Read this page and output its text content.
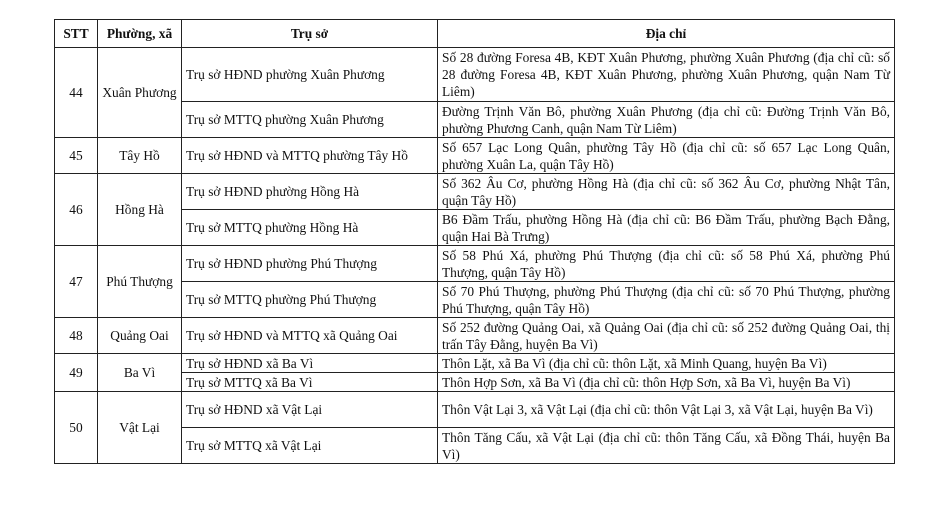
STT	Phường, xã	Trụ sở	Địa chỉ
44	Xuân Phương	Trụ sở HĐND phường Xuân Phương	Số 28 đường Foresa 4B, KĐT Xuân Phương, phường Xuân Phương (địa chỉ cũ: số 28 đường Foresa 4B, KĐT Xuân Phương, phường Xuân Phương, quận Nam Từ Liêm)
		Trụ sở MTTQ phường Xuân Phương	Đường Trịnh Văn Bô, phường Xuân Phương (địa chỉ cũ: Đường Trịnh Văn Bô, phường Phương Canh, quận Nam Từ Liêm)
45	Tây Hồ	Trụ sở HĐND và MTTQ phường Tây Hồ	Số 657 Lạc Long Quân, phường Tây Hồ (địa chỉ cũ: số 657 Lạc Long Quân, phường Xuân La, quận Tây Hồ)
46	Hồng Hà	Trụ sở HĐND phường Hồng Hà	Số 362 Âu Cơ, phường Hồng Hà (địa chỉ cũ: số 362 Âu Cơ, phường Nhật Tân, quận Tây Hồ)
		Trụ sở MTTQ phường Hồng Hà	B6 Đầm Trấu, phường Hồng Hà (địa chỉ cũ: B6 Đầm Trấu, phường Bạch Đằng, quận Hai Bà Trưng)
47	Phú Thượng	Trụ sở HĐND phường Phú Thượng	Số 58 Phú Xá, phường Phú Thượng (địa chỉ cũ: số 58 Phú Xá, phường Phú Thượng, quận Tây Hồ)
		Trụ sở MTTQ phường Phú Thượng	Số 70 Phú Thượng, phường Phú Thượng (địa chỉ cũ: số 70 Phú Thượng, phường Phú Thượng, quận Tây Hồ)
48	Quảng Oai	Trụ sở HĐND và MTTQ xã Quảng Oai	Số 252 đường Quảng Oai, xã Quảng Oai (địa chỉ cũ: số 252 đường Quảng Oai, thị trấn Tây Đằng, huyện Ba Vì)
49	Ba Vì	Trụ sở HĐND xã Ba Vì	Thôn Lặt, xã Ba Vì (địa chỉ cũ: thôn Lặt, xã Minh Quang, huyện Ba Vì)
		Trụ sở MTTQ xã Ba Vì	Thôn Hợp Sơn, xã Ba Vì (địa chỉ cũ: thôn Hợp Sơn, xã Ba Vì, huyện Ba Vì)
50	Vật Lại	Trụ sở HĐND xã Vật Lại	Thôn Vật Lại 3, xã Vật Lại (địa chỉ cũ: thôn Vật Lại 3, xã Vật Lại, huyện Ba Vì)
		Trụ sở MTTQ xã Vật Lại	Thôn Tăng Cấu, xã Vật Lại (địa chỉ cũ: thôn Tăng Cấu, xã Đồng Thái, huyện Ba Vì)
